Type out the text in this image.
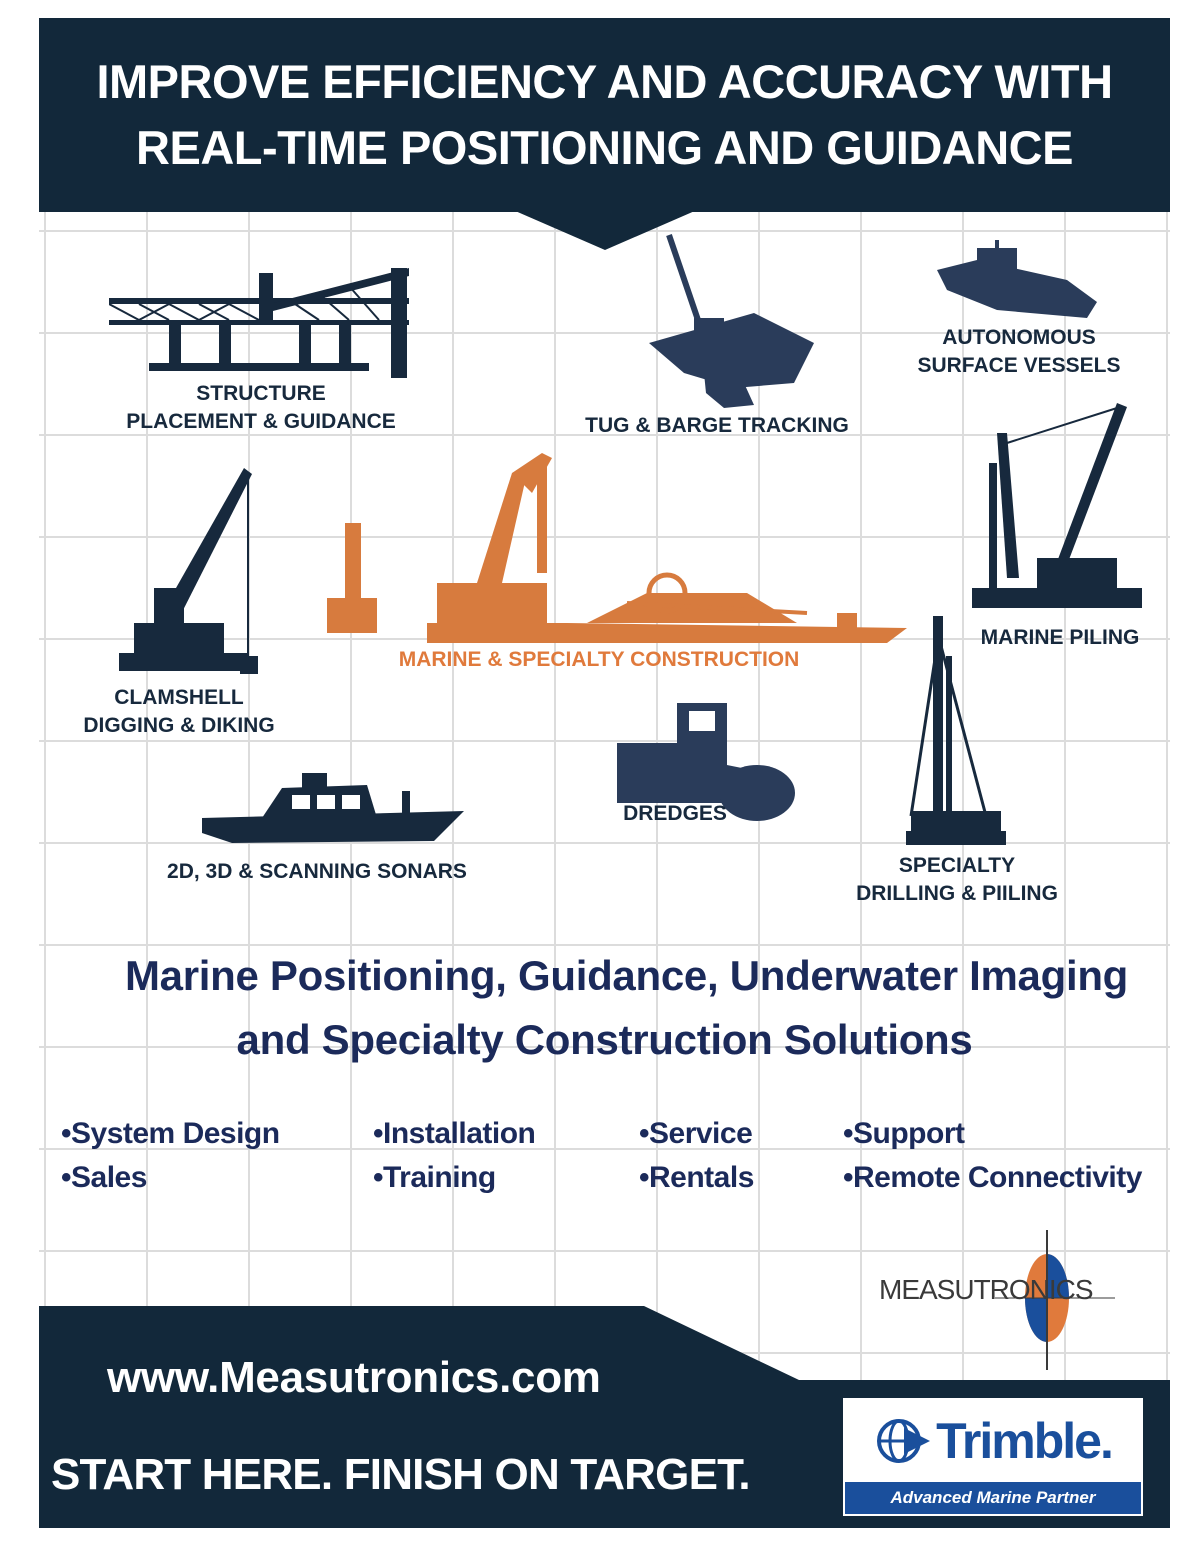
IMPROVE EFFICIENCY AND ACCURACY WITH
REAL-TIME POSITIONING AND GUIDANCE
STRUCTURE
PLACEMENT & GUIDANCE	TUG & BARGE TRACKING
AUTONOMOUS
SURFACE VESSELS
MARINE PILING
CLAMSHELL
DIGGING & DIKING
MARINE & SPECIALTY CONSTRUCTION
DREDGES
2D, 3D & SCANNING SONARS	SPECIALTY
DRILLING & PIILING
Marine Positioning, Guidance, Underwater Imaging
and Specialty Construction Solutions
•System Design
•Sales
•Installation
•Training
•Service
•Rentals
•Support
•Remote Connectivity
MEASUTRONICS
www.Measutronics.com
START HERE. FINISH ON TARGET.
Trimble.
Advanced Marine Partner
